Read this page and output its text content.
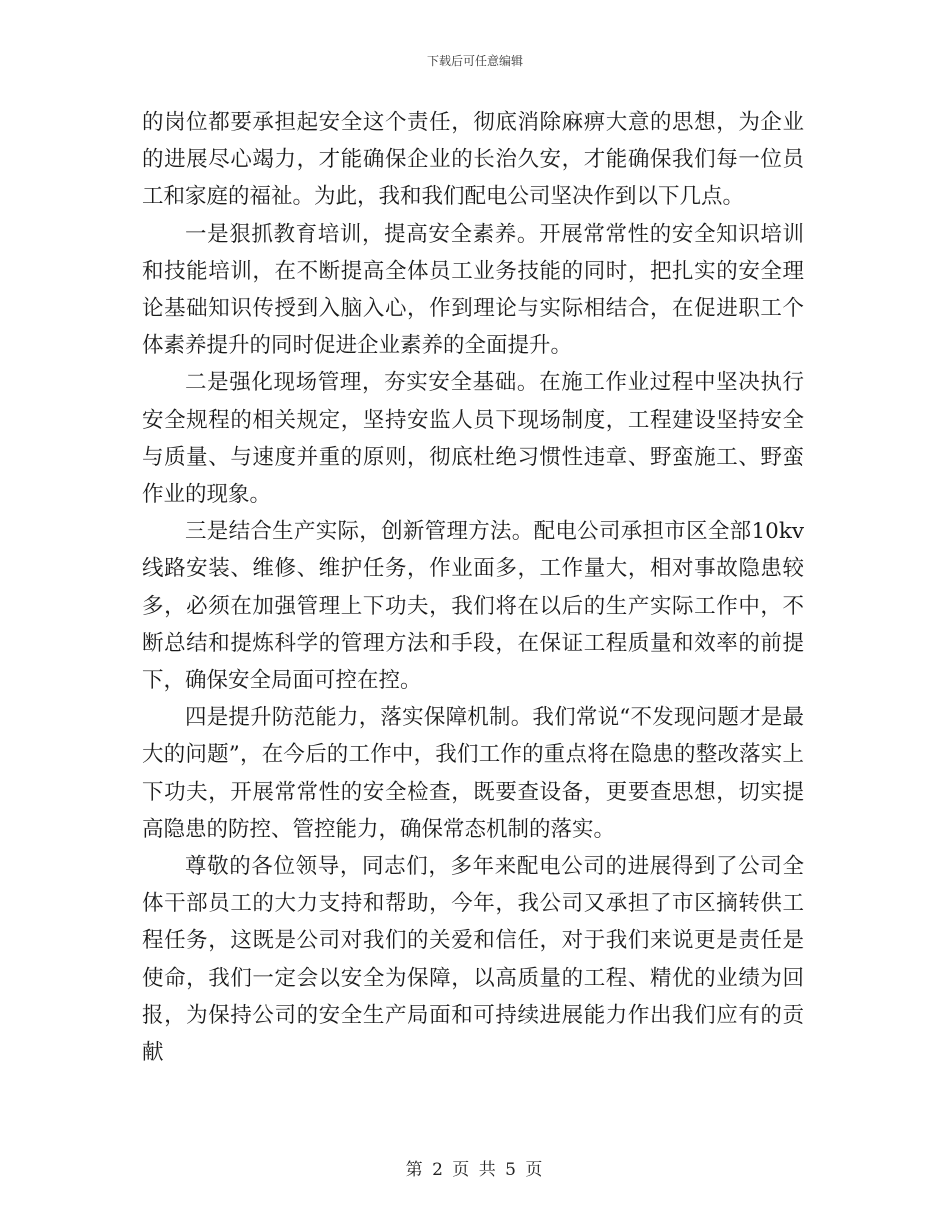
下载后可任意编辑

的岗位都要承担起安全这个责任，彻底消除麻痹大意的思想，为企业的进展尽心竭力，才能确保企业的长治久安，才能确保我们每一位员工和家庭的福祉。为此，我和我们配电公司坚决作到以下几点。

一是狠抓教育培训，提高安全素养。开展常常性的安全知识培训和技能培训，在不断提高全体员工业务技能的同时，把扎实的安全理论基础知识传授到入脑入心，作到理论与实际相结合，在促进职工个体素养提升的同时促进企业素养的全面提升。

二是强化现场管理，夯实安全基础。在施工作业过程中坚决执行安全规程的相关规定，坚持安监人员下现场制度，工程建设坚持安全与质量、与速度并重的原则，彻底杜绝习惯性违章、野蛮施工、野蛮作业的现象。

三是结合生产实际，创新管理方法。配电公司承担市区全部10kv线路安装、维修、维护任务，作业面多，工作量大，相对事故隐患较多，必须在加强管理上下功夫，我们将在以后的生产实际工作中，不断总结和提炼科学的管理方法和手段，在保证工程质量和效率的前提下，确保安全局面可控在控。

四是提升防范能力，落实保障机制。我们常说“不发现问题才是最大的问题”，在今后的工作中，我们工作的重点将在隐患的整改落实上下功夫，开展常常性的安全检查，既要查设备，更要查思想，切实提高隐患的防控、管控能力，确保常态机制的落实。

尊敬的各位领导，同志们，多年来配电公司的进展得到了公司全体干部员工的大力支持和帮助，今年，我公司又承担了市区摘转供工程任务，这既是公司对我们的关爱和信任，对于我们来说更是责任是使命，我们一定会以安全为保障，以高质量的工程、精优的业绩为回报，为保持公司的安全生产局面和可持续进展能力作出我们应有的贡献

第 2 页 共 5 页
